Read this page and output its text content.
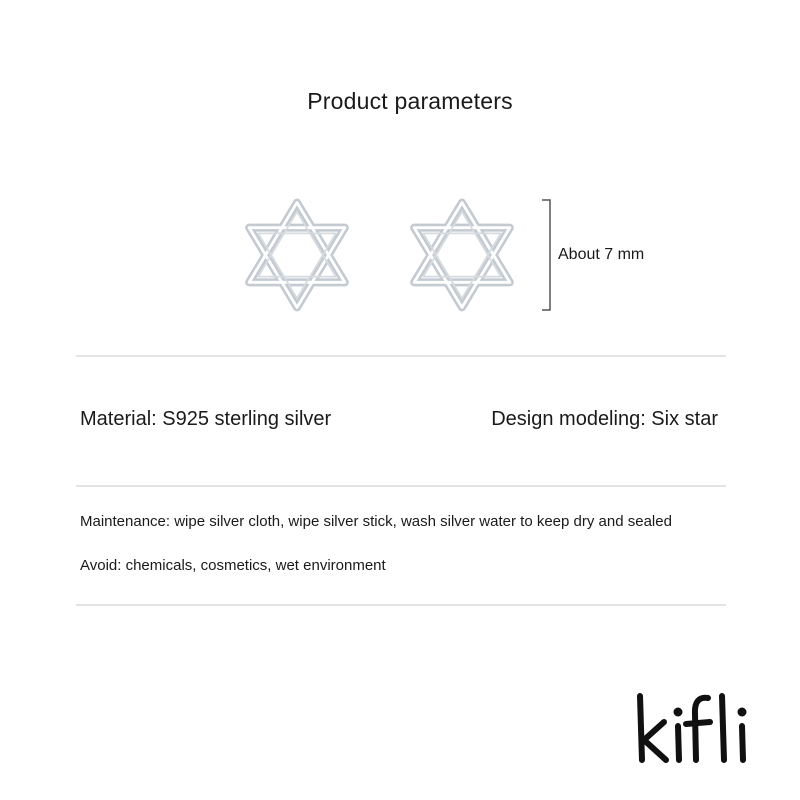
Product parameters
About 7 mm
Material: S925 sterling silver	Design modeling: Six star
Maintenance: wipe silver cloth, wipe silver stick, wash silver water to keep dry and sealed
Avoid: chemicals, cosmetics, wet environment
